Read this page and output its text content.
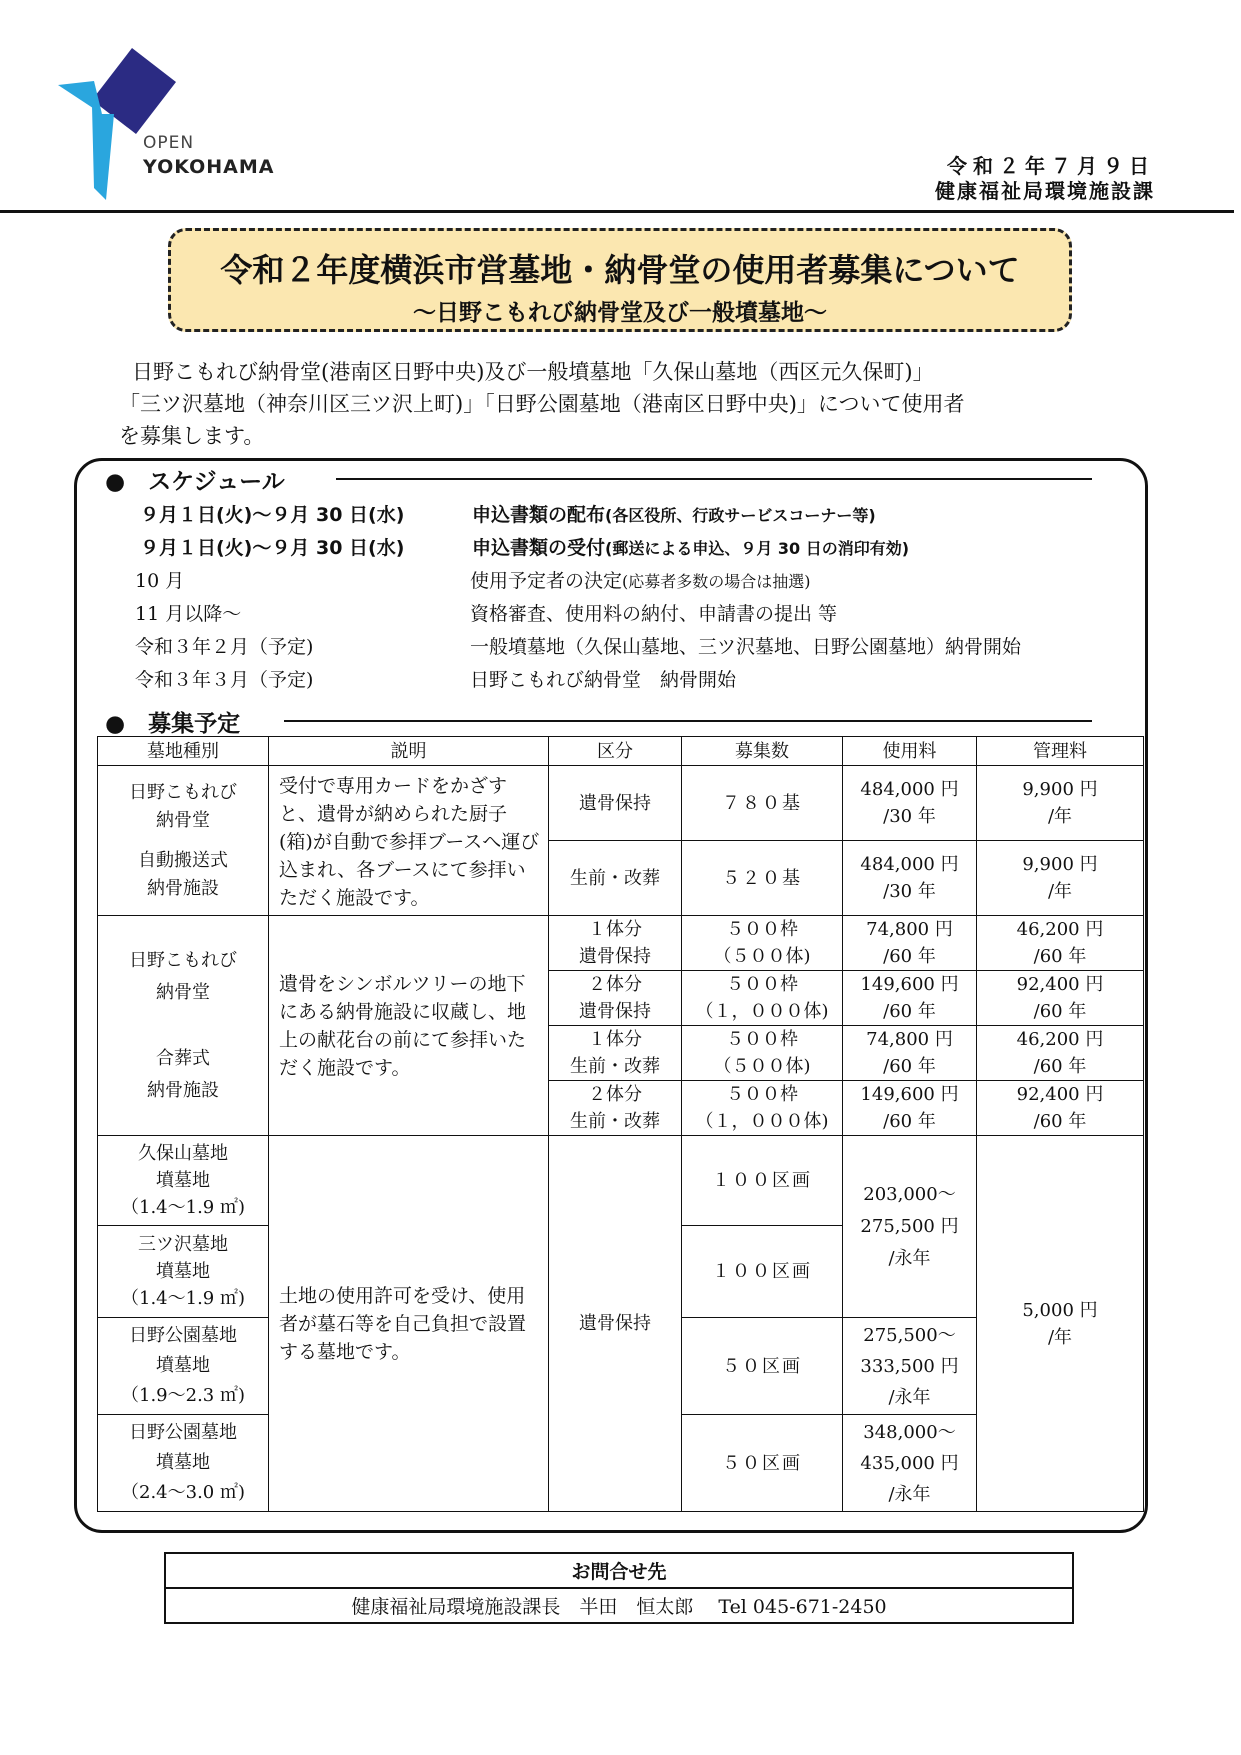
OPEN
YOKOHAMA	令和２年７月９日
健康福祉局環境施設課
令和２年度横浜市営墓地・納骨堂の使用者募集について
～日野こもれび納骨堂及び一般墳墓地～
日野こもれび納骨堂(港南区日野中央)及び一般墳墓地「久保山墓地（西区元久保町)」
「三ツ沢墓地（神奈川区三ツ沢上町)」「日野公園墓地（港南区日野中央)」について使用者
を募集します。
●　スケジュール
９月１日(火)～９月 30 日(水)	申込書類の配布(各区役所、行政サービスコーナー等)
９月１日(火)～９月 30 日(水)	申込書類の受付(郵送による申込、９月 30 日の消印有効)
10 月	使用予定者の決定(応募者多数の場合は抽選)
11 月以降～	資格審査、使用料の納付、申請書の提出 等
令和３年２月（予定)	一般墳墓地（久保山墓地、三ツ沢墓地、日野公園墓地）納骨開始
令和３年３月（予定)	日野こもれび納骨堂　納骨開始
●　募集予定
墓地種別	説明	区分	募集数	使用料	管理料

日野こもれび
納骨堂
自動搬送式
納骨施設	受付で専用カードをかざすと、遺骨が納められた厨子(箱)が自動で参拝ブースへ運び込まれ、各ブースにて参拝いただく施設です。	遺骨保持	７８０基	484,000 円
/30 年	9,900 円
/年

		生前・改葬	５２０基	484,000 円
/30 年	9,900 円
/年

日野こもれび
納骨堂
合葬式
納骨施設	遺骨をシンボルツリーの地下にある納骨施設に収蔵し、地上の献花台の前にて参拝いただく施設です。	１体分
遺骨保持	５００枠
（５００体)	74,800 円
/60 年	46,200 円
/60 年

		２体分
遺骨保持	５００枠
（１，０００体)	149,600 円
/60 年	92,400 円
/60 年

		１体分
生前・改葬	５００枠
（５００体)	74,800 円
/60 年	46,200 円
/60 年

		２体分
生前・改葬	５００枠
（１，０００体)	149,600 円
/60 年	92,400 円
/60 年

久保山墓地
墳墓地
（1.4～1.9 ㎡)	土地の使用許可を受け、使用者が墓石等を自己負担で設置する墓地です。	遺骨保持	１００区画	203,000～
275,500 円
/永年	5,000 円
/年

三ツ沢墓地
墳墓地
（1.4～1.9 ㎡)			１００区画		

日野公園墓地
墳墓地
（1.9～2.3 ㎡)			５０区画	275,500～
333,500 円
/永年	

日野公園墓地
墳墓地
（2.4～3.0 ㎡)			５０区画	348,000～
435,000 円
/永年	
お問合せ先
健康福祉局環境施設課長　半田　恒太郎　 Tel 045-671-2450
